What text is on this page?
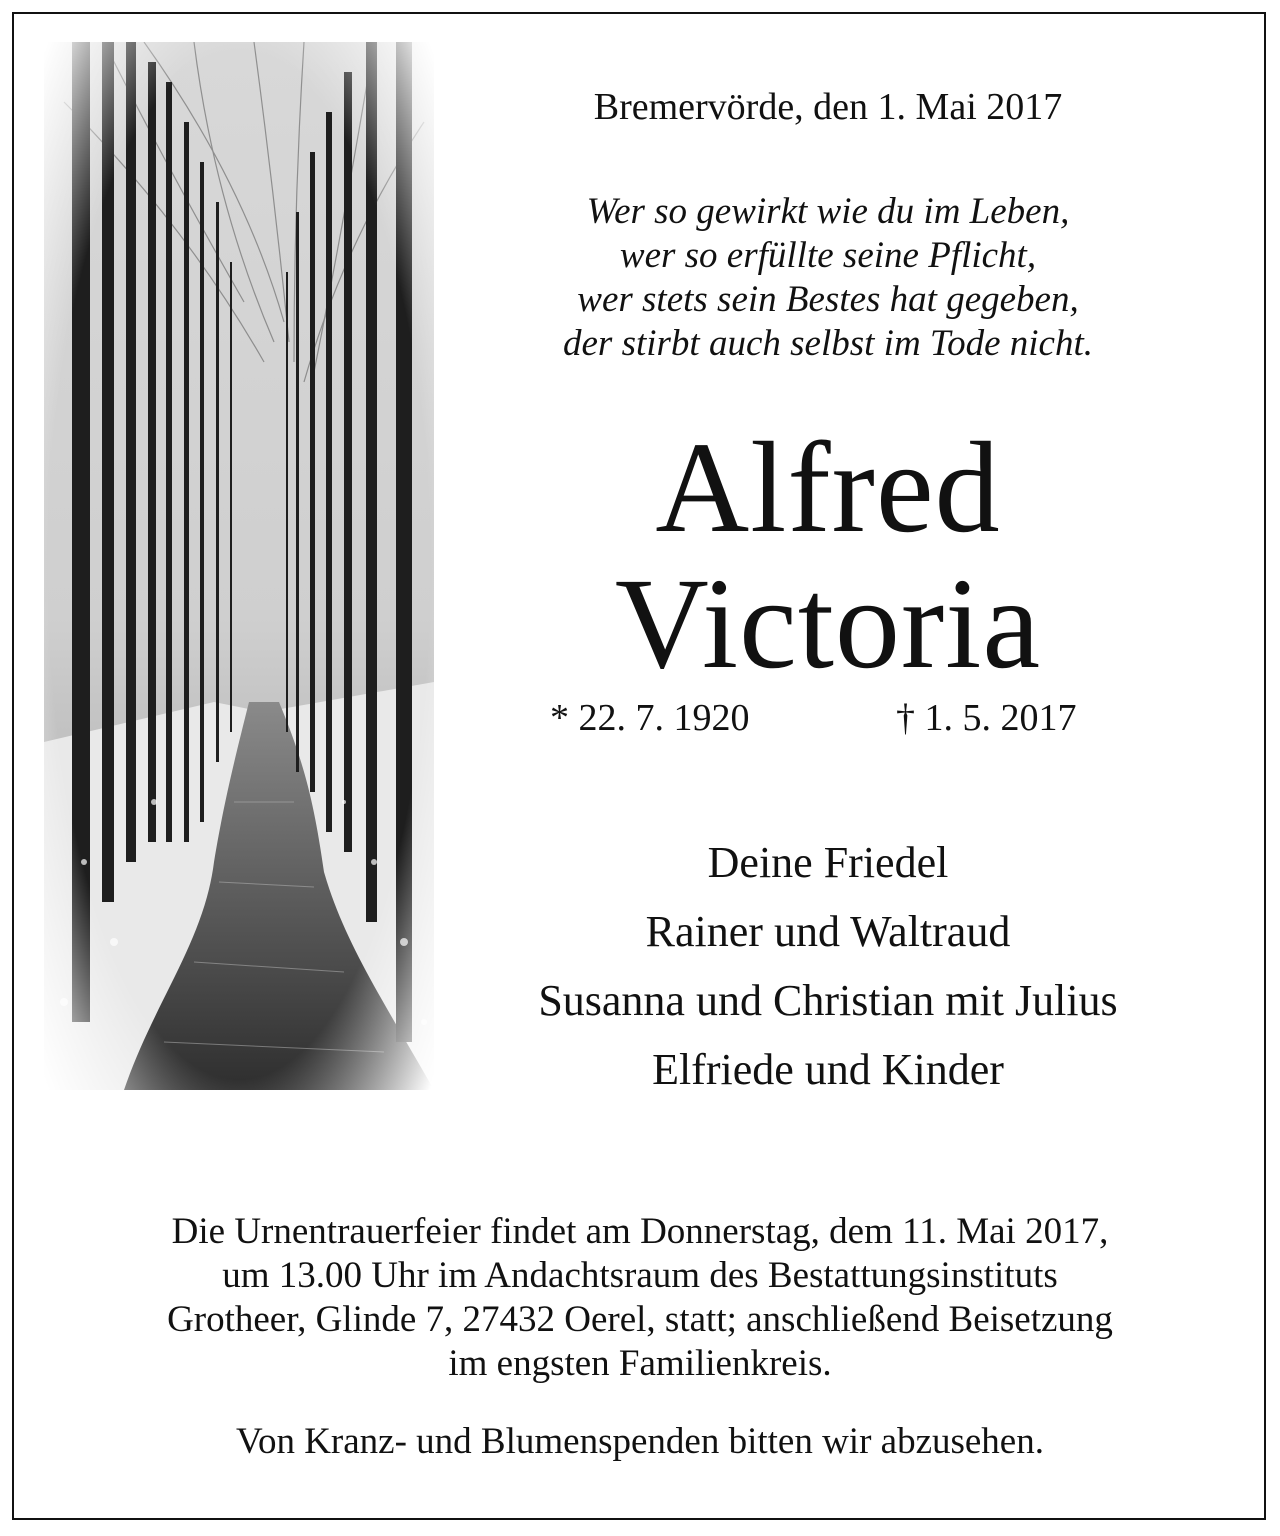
Bremervörde, den 1. Mai 2017
Wer so gewirkt wie du im Leben,
wer so erfüllte seine Pflicht,
wer stets sein Bestes hat gegeben,
der stirbt auch selbst im Tode nicht.
Alfred
Victoria
* 22. 7. 1920	† 1. 5. 2017
Deine Friedel
Rainer und Waltraud
Susanna und Christian mit Julius
Elfriede und Kinder
Die Urnentrauerfeier findet am Donnerstag, dem 11. Mai 2017,
um 13.00 Uhr im Andachtsraum des Bestattungsinstituts
Grotheer, Glinde 7, 27432 Oerel, statt; anschließend Beisetzung
im engsten Familienkreis.
Von Kranz- und Blumenspenden bitten wir abzusehen.
